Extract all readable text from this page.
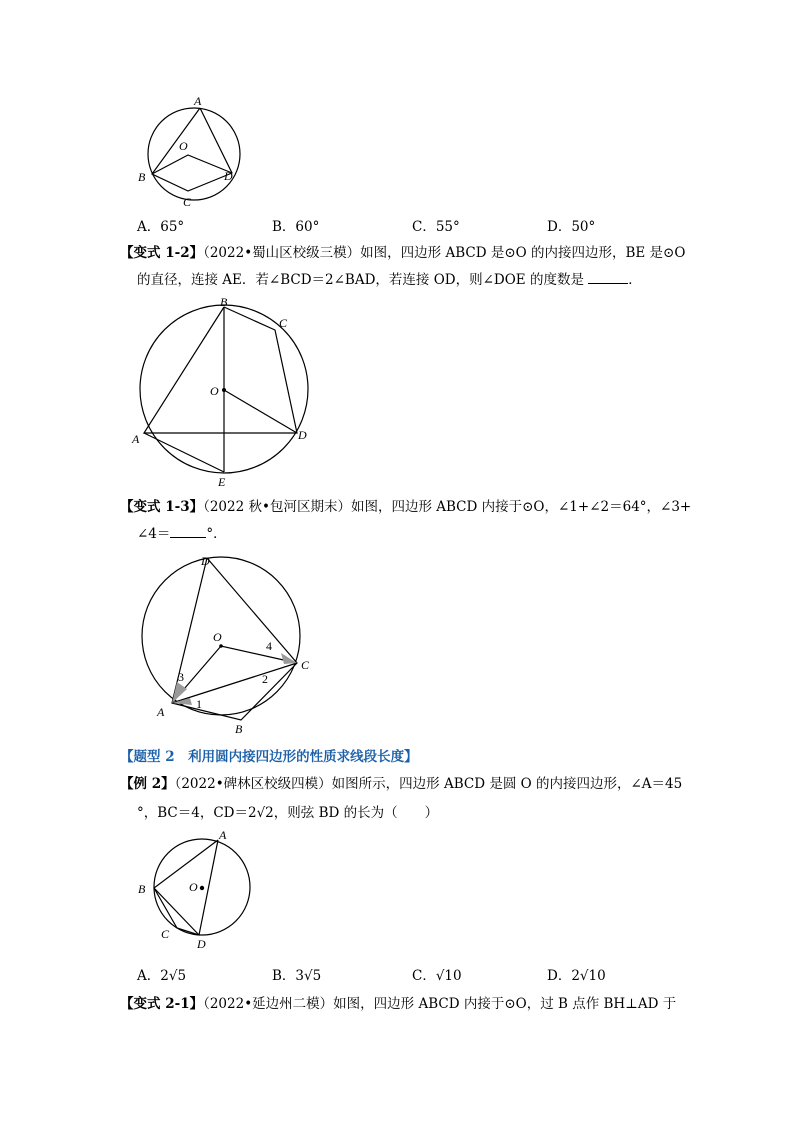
A
O
B
C
D
A．65°	B．60°	C．55°	D．50°
【变式 1-2】（2022•蜀山区校级三模）如图，四边形 ABCD 是⊙O 的内接四边形，BE 是⊙O
的直径，连接 AE．若∠BCD＝2∠BAD，若连接 OD，则∠DOE 的度数是	．
B
C
O
A	D
E
【变式 1-3】（2022 秋•包河区期末）如图，四边形 ABCD 内接于⊙O，∠1+∠2＝64°，∠3+
∠4＝	°．
D
O
C
A
B
1
2
3
4
【题型 2　利用圆内接四边形的性质求线段长度】
【例 2】（2022•碑林区校级四模）如图所示，四边形 ABCD 是圆 O 的内接四边形，∠A＝45
°，BC＝4，CD＝2√2，则弦 BD 的长为（　　）
A
B	O
C
D
A．2√5	B．3√5	C．√10	D．2√10
【变式 2-1】（2022•延边州二模）如图，四边形 ABCD 内接于⊙O，过 B 点作 BH⊥AD 于
